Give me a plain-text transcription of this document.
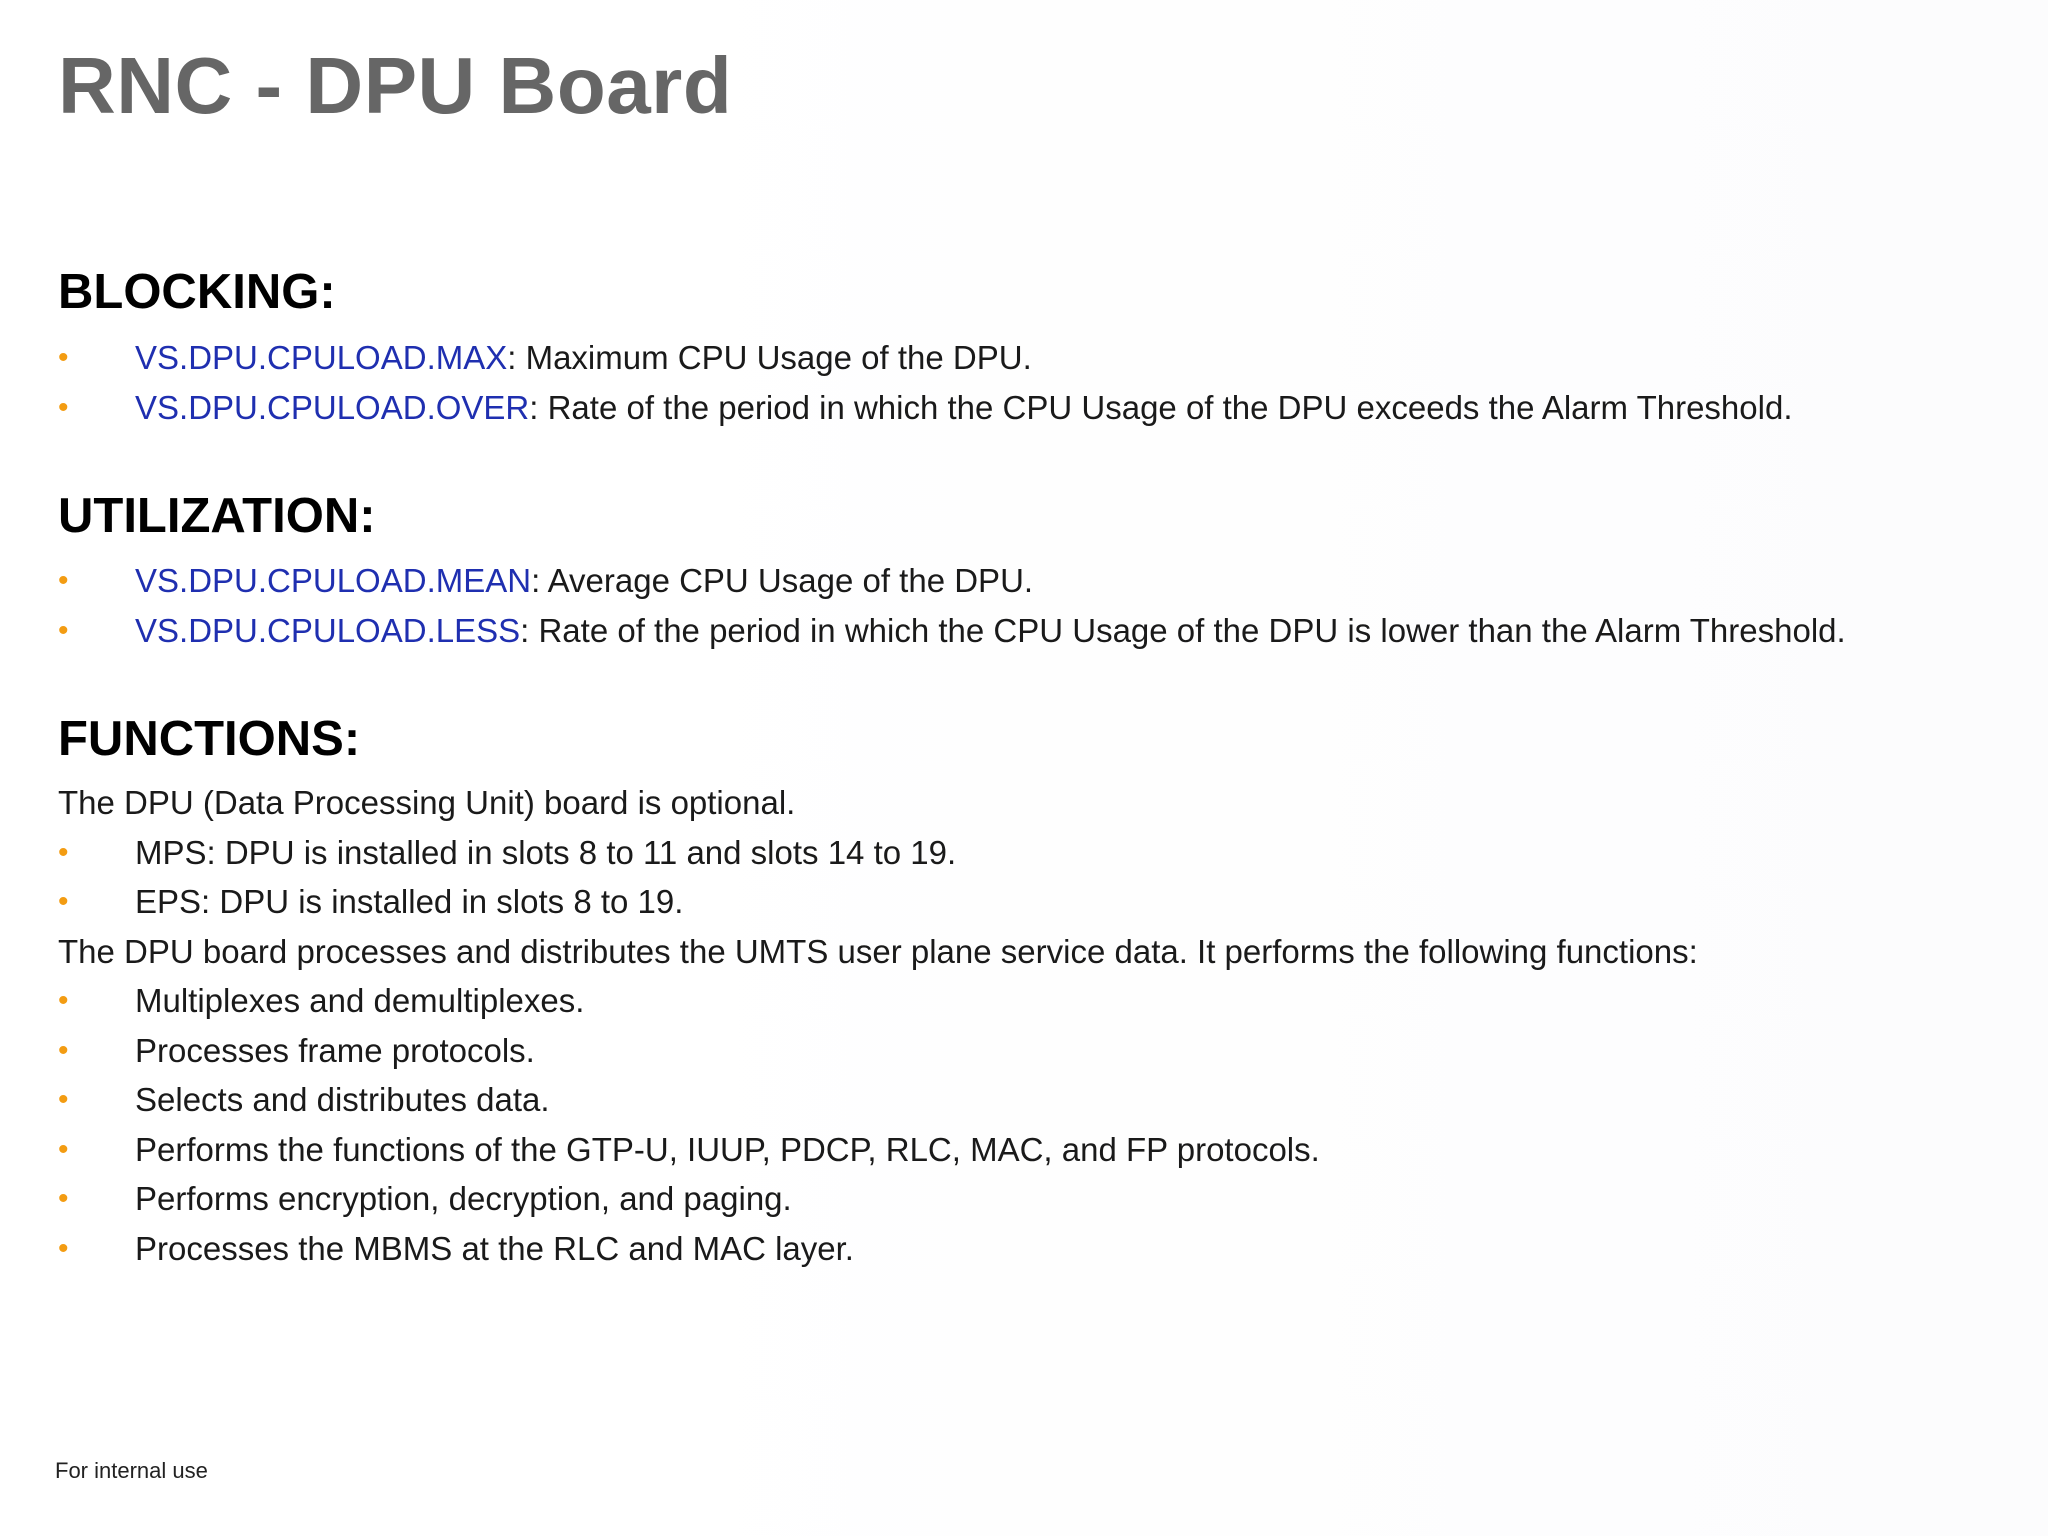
RNC - DPU Board
BLOCKING:
• VS.DPU.CPULOAD.MAX: Maximum CPU Usage of the DPU.
• VS.DPU.CPULOAD.OVER: Rate of the period in which the CPU Usage of the DPU exceeds the Alarm Threshold.
UTILIZATION:
• VS.DPU.CPULOAD.MEAN: Average CPU Usage of the DPU.
• VS.DPU.CPULOAD.LESS: Rate of the period in which the CPU Usage of the DPU is lower than the Alarm Threshold.
FUNCTIONS:
The DPU (Data Processing Unit) board is optional.
• MPS: DPU is installed in slots 8 to 11 and slots 14 to 19.
• EPS: DPU is installed in slots 8 to 19.
The DPU board processes and distributes the UMTS user plane service data. It performs the following functions:
• Multiplexes and demultiplexes.
• Processes frame protocols.
• Selects and distributes data.
• Performs the functions of the GTP-U, IUUP, PDCP, RLC, MAC, and FP protocols.
• Performs encryption, decryption, and paging.
• Processes the MBMS at the RLC and MAC layer.
For internal use
